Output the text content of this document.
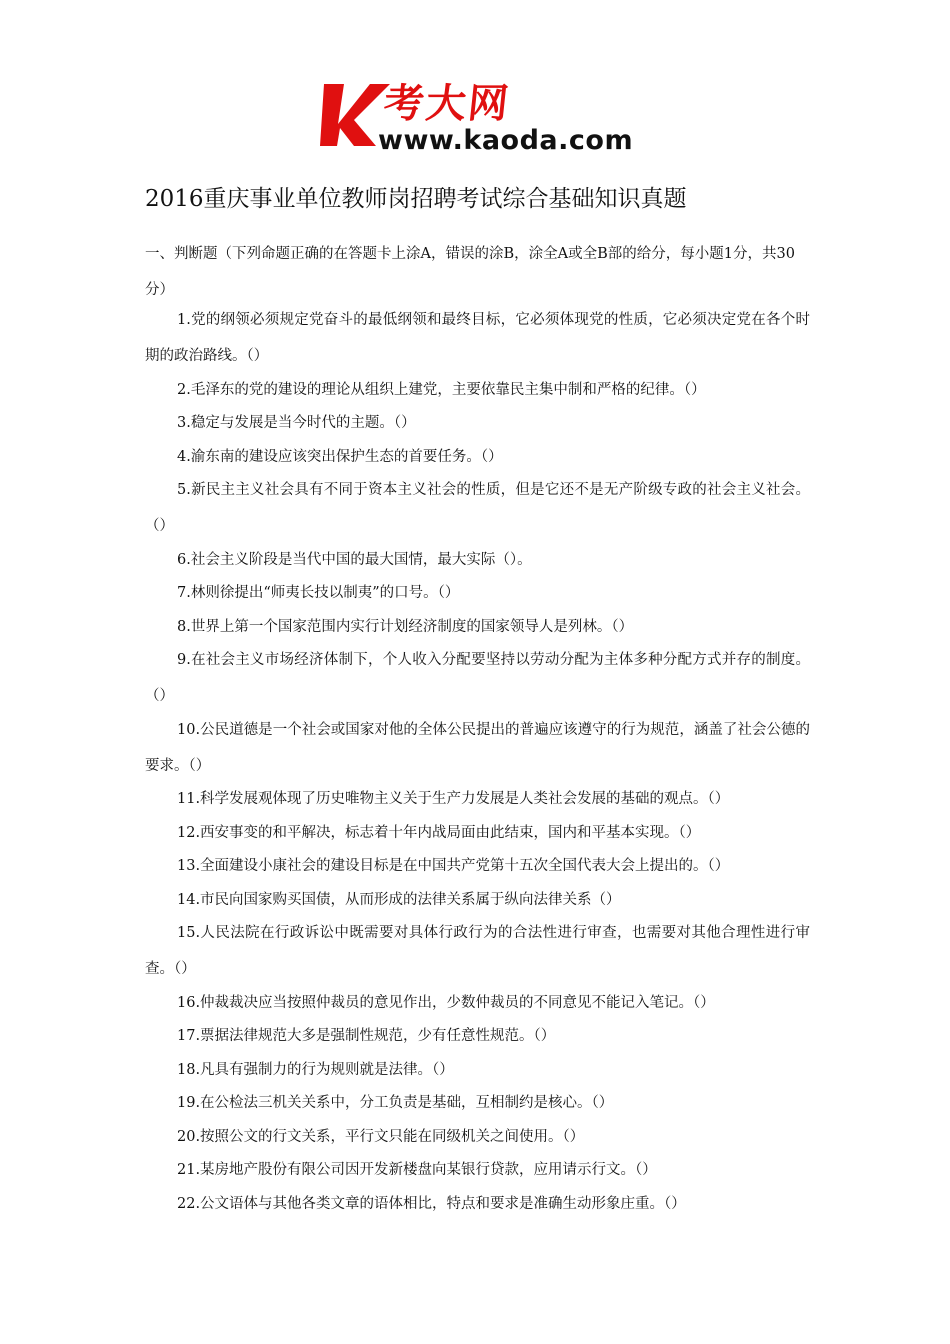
考大网
www.kaoda.com
2016重庆事业单位教师岗招聘考试综合基础知识真题
一、判断题（下列命题正确的在答题卡上涂A，错误的涂B，涂全A或全B部的给分，每小题1分，共30分）
1.党的纲领必须规定党奋斗的最低纲领和最终目标，它必须体现党的性质，它必须决定党在各个时期的政治路线。（）
2.毛泽东的党的建设的理论从组织上建党，主要依靠民主集中制和严格的纪律。（）
3.稳定与发展是当今时代的主题。（）
4.渝东南的建设应该突出保护生态的首要任务。（）
5.新民主主义社会具有不同于资本主义社会的性质，但是它还不是无产阶级专政的社会主义社会。（）
6.社会主义阶段是当代中国的最大国情，最大实际（）。
7.林则徐提出“师夷长技以制夷”的口号。（）
8.世界上第一个国家范围内实行计划经济制度的国家领导人是列林。（）
9.在社会主义市场经济体制下，个人收入分配要坚持以劳动分配为主体多种分配方式并存的制度。（）
10.公民道德是一个社会或国家对他的全体公民提出的普遍应该遵守的行为规范，涵盖了社会公德的要求。（）
11.科学发展观体现了历史唯物主义关于生产力发展是人类社会发展的基础的观点。（）
12.西安事变的和平解决，标志着十年内战局面由此结束，国内和平基本实现。（）
13.全面建设小康社会的建设目标是在中国共产党第十五次全国代表大会上提出的。（）
14.市民向国家购买国债，从而形成的法律关系属于纵向法律关系（）
15.人民法院在行政诉讼中既需要对具体行政行为的合法性进行审查，也需要对其他合理性进行审查。（）
16.仲裁裁决应当按照仲裁员的意见作出，少数仲裁员的不同意见不能记入笔记。（）
17.票据法律规范大多是强制性规范，少有任意性规范。（）
18.凡具有强制力的行为规则就是法律。（）
19.在公检法三机关关系中，分工负责是基础，互相制约是核心。（）
20.按照公文的行文关系，平行文只能在同级机关之间使用。（）
21.某房地产股份有限公司因开发新楼盘向某银行贷款，应用请示行文。（）
22.公文语体与其他各类文章的语体相比，特点和要求是准确生动形象庄重。（）
